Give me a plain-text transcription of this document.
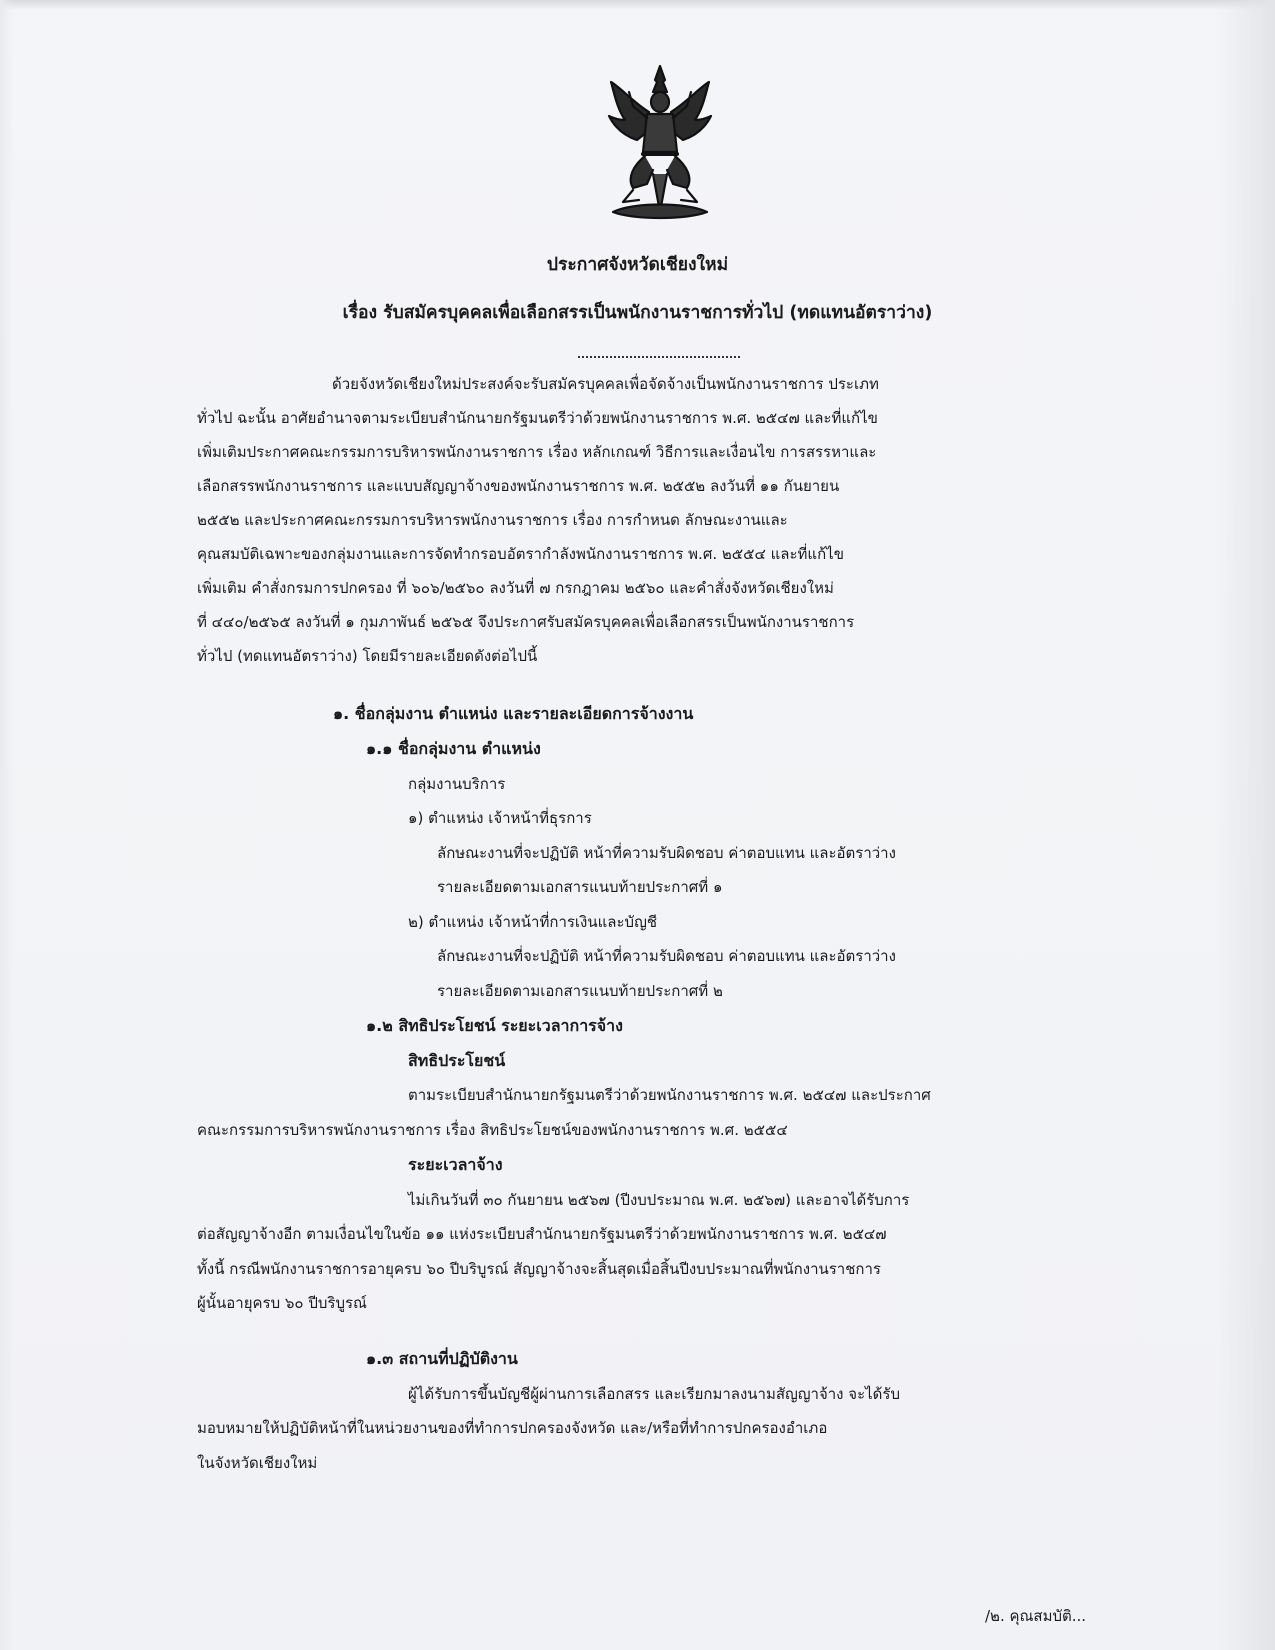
ประกาศจังหวัดเชียงใหม่
เรื่อง รับสมัครบุคคลเพื่อเลือกสรรเป็นพนักงานราชการทั่วไป (ทดแทนอัตราว่าง)
ด้วยจังหวัดเชียงใหม่ประสงค์จะรับสมัครบุคคลเพื่อจัดจ้างเป็นพนักงานราชการ ประเภท
ทั่วไป ฉะนั้น อาศัยอำนาจตามระเบียบสำนักนายกรัฐมนตรีว่าด้วยพนักงานราชการ พ.ศ. ๒๕๔๗ และที่แก้ไข
เพิ่มเติมประกาศคณะกรรมการบริหารพนักงานราชการ เรื่อง หลักเกณฑ์ วิธีการและเงื่อนไข การสรรหาและ
เลือกสรรพนักงานราชการ และแบบสัญญาจ้างของพนักงานราชการ พ.ศ. ๒๕๕๒ ลงวันที่ ๑๑ กันยายน
๒๕๕๒ และประกาศคณะกรรมการบริหารพนักงานราชการ เรื่อง การกำหนด ลักษณะงานและ
คุณสมบัติเฉพาะของกลุ่มงานและการจัดทำกรอบอัตรากำลังพนักงานราชการ พ.ศ. ๒๕๕๔ และที่แก้ไข
เพิ่มเติม คำสั่งกรมการปกครอง ที่ ๖๐๖/๒๕๖๐ ลงวันที่ ๗ กรกฎาคม ๒๕๖๐ และคำสั่งจังหวัดเชียงใหม่
ที่ ๔๔๐/๒๕๖๕ ลงวันที่ ๑ กุมภาพันธ์ ๒๕๖๕ จึงประกาศรับสมัครบุคคลเพื่อเลือกสรรเป็นพนักงานราชการ
ทั่วไป (ทดแทนอัตราว่าง) โดยมีรายละเอียดดังต่อไปนี้
๑. ชื่อกลุ่มงาน ตำแหน่ง และรายละเอียดการจ้างงาน
๑.๑ ชื่อกลุ่มงาน ตำแหน่ง
กลุ่มงานบริการ
๑) ตำแหน่ง เจ้าหน้าที่ธุรการ
ลักษณะงานที่จะปฏิบัติ หน้าที่ความรับผิดชอบ ค่าตอบแทน และอัตราว่าง
รายละเอียดตามเอกสารแนบท้ายประกาศที่ ๑
๒) ตำแหน่ง เจ้าหน้าที่การเงินและบัญชี
ลักษณะงานที่จะปฏิบัติ หน้าที่ความรับผิดชอบ ค่าตอบแทน และอัตราว่าง
รายละเอียดตามเอกสารแนบท้ายประกาศที่ ๒
๑.๒ สิทธิประโยชน์ ระยะเวลาการจ้าง
สิทธิประโยชน์
ตามระเบียบสำนักนายกรัฐมนตรีว่าด้วยพนักงานราชการ พ.ศ. ๒๕๔๗ และประกาศ
คณะกรรมการบริหารพนักงานราชการ เรื่อง สิทธิประโยชน์ของพนักงานราชการ พ.ศ. ๒๕๕๔
ระยะเวลาจ้าง
ไม่เกินวันที่ ๓๐ กันยายน ๒๕๖๗ (ปีงบประมาณ พ.ศ. ๒๕๖๗) และอาจได้รับการ
ต่อสัญญาจ้างอีก ตามเงื่อนไขในข้อ ๑๑ แห่งระเบียบสำนักนายกรัฐมนตรีว่าด้วยพนักงานราชการ พ.ศ. ๒๕๔๗
ทั้งนี้ กรณีพนักงานราชการอายุครบ ๖๐ ปีบริบูรณ์ สัญญาจ้างจะสิ้นสุดเมื่อสิ้นปีงบประมาณที่พนักงานราชการ
ผู้นั้นอายุครบ ๖๐ ปีบริบูรณ์
๑.๓ สถานที่ปฏิบัติงาน
ผู้ได้รับการขึ้นบัญชีผู้ผ่านการเลือกสรร และเรียกมาลงนามสัญญาจ้าง จะได้รับ
มอบหมายให้ปฏิบัติหน้าที่ในหน่วยงานของที่ทำการปกครองจังหวัด และ/หรือที่ทำการปกครองอำเภอ
ในจังหวัดเชียงใหม่
/๒. คุณสมบัติ...
